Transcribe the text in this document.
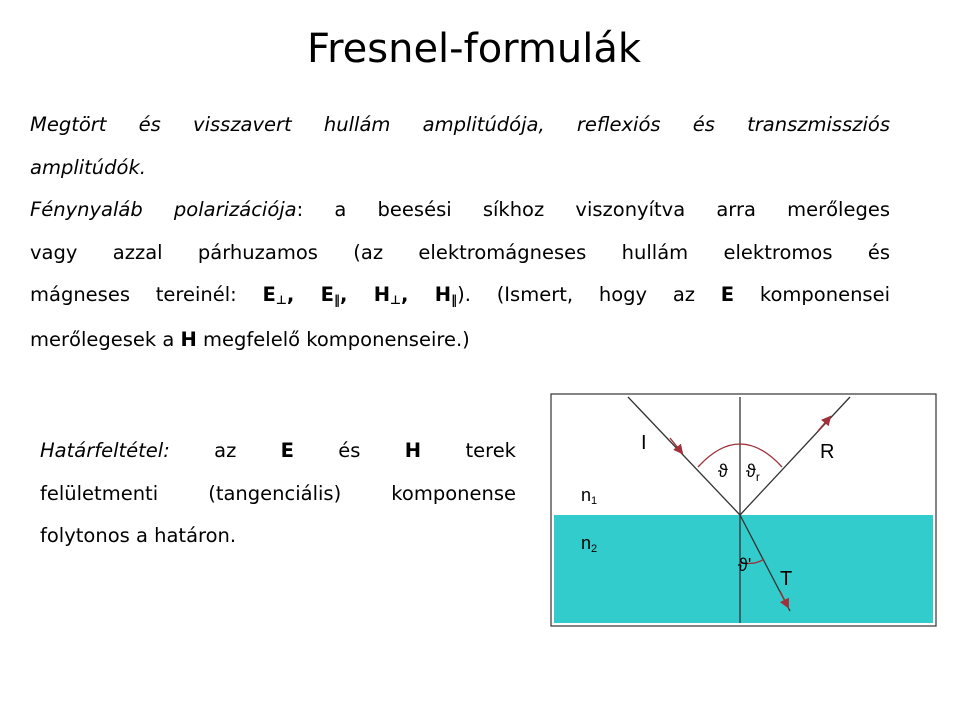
Fresnel-formulák
Megtört és visszavert hullám amplitúdója, reflexiós és transzmissziós
amplitúdók.
Fénynyaláb polarizációja: a beesési síkhoz viszonyítva arra merőleges
vagy azzal párhuzamos (az elektromágneses hullám elektromos és
mágneses tereinél: E⊥, E‖, H⊥, H‖). (Ismert, hogy az E komponensei
merőlegesek a H megfelelő komponenseire.)
Határfeltétel: az E és H terek
felületmenti (tangenciális) komponense
folytonos a határon.
I	R
T
ϑ $ϑ_r$
ϑ'
n1
n2
